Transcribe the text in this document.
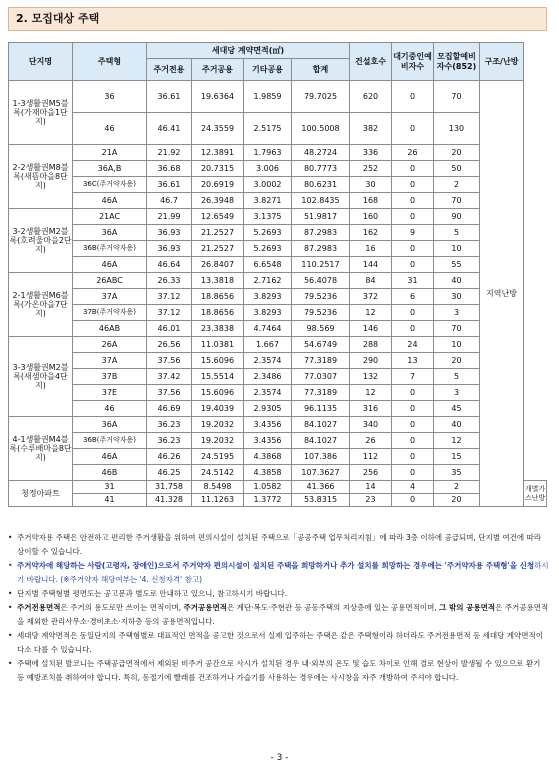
2. 모집대상 주택
단지명	주택형	세대당 계약면적(㎡)				건설호수	대기중인예비자수	모집할예비자수(852)	구조/난방	
		주거전용	주거공용	기타공용	합계					
1-3생활권M5블록(가재마을1단지)	36	36.61	19.6364	1.9859	79.7025	620	0	70	지역난방	
	46	46.41	24.3559	2.5175	100.5008	382	0	130		
2-2생활권M8블록(새뜸마을8단지)	21A	21.92	12.3891	1.7963	48.2724	336	26	20		
	36A,B	36.68	20.7315	3.006	80.7773	252	0	50		
	36C(주거약자용)	36.61	20.6919	3.0002	80.6231	30	0	2		
	46A	46.7	26.3948	3.8271	102.8435	168	0	70		
3-2생활권M2블록(호려울마을2단지)	21AC	21.99	12.6549	3.1375	51.9817	160	0	90		
	36A	36.93	21.2527	5.2693	87.2983	162	9	5		
	36B(주거약자용)	36.93	21.2527	5.2693	87.2983	16	0	10		
	46A	46.64	26.8407	6.6548	110.2517	144	0	55		
2-1생활권M6블록(가온마을7단지)	26ABC	26.33	13.3818	2.7162	56.4078	84	31	40		
	37A	37.12	18.8656	3.8293	79.5236	372	6	30		
	37B(주거약자용)	37.12	18.8656	3.8293	79.5236	12	0	3		
	46AB	46.01	23.3838	4.7464	98.569	146	0	70		
3-3생활권M2블록(새샘마을4단지)	26A	26.56	11.0381	1.667	54.6749	288	24	10		
	37A	37.56	15.6096	2.3574	77.3189	290	13	20		
	37B	37.42	15.5514	2.3486	77.0307	132	7	5		
	37E	37.56	15.6096	2.3574	77.3189	12	0	3		
	46	46.69	19.4039	2.9305	96.1135	316	0	45		
4-1생활권M4블록(수루배마을8단지)	36A	36.23	19.2032	3.4356	84.1027	340	0	40		
	36B(주거약자용)	36.23	19.2032	3.4356	84.1027	26	0	12		
	46A	46.26	24.5195	4.3868	107.386	112	0	15		
	46B	46.25	24.5142	4.3858	107.3627	256	0	35		
청정아파트	31	31.758	8.5498	1.0582	41.366	14	4	2		개별가스난방
	41	41.328	11.1263	1.3772	53.8315	23	0	20		
• 주거약자용 주택은 안전하고 편리한 주거생활을 위하여 편의시설이 설치된 주택으로「공공주택 업무처리지침」에 따라 3층 이하에 공급되며, 단지별 여건에 따라 상이할 수 있습니다.
• 주거약자에 해당하는 사람(고령자, 장애인)으로서 주거약자 편의시설이 설치된 주택을 희망하거나 추가 설치를 희망하는 경우에는 '주거약자용 주택형'을 신청하시기 바랍니다. (※주거약자 해당여부는 '4. 신청자격' 참고)
• 단지별 주택형별 평면도는 공고문과 별도로 안내하고 있으니, 참고하시기 바랍니다.
• 주거전용면적은 주거의 용도로만 쓰이는 면적이며, 주거공용면적은 계단·복도·주현관 등 공동주택의 지상층에 있는 공용면적이며, 그 밖의 공용면적은 주거공용면적을 제외한 관리사무소·경비초소·지하층 등의 공용면적입니다.
• 세대당 계약면적은 동일단지의 주택형별로 대표적인 면적을 공고한 것으로서 실제 입주하는 주택은 같은 주택형이라 하더라도 주거전용면적 등 세대당 계약면적이 다소 다를 수 있습니다.
• 주택에 설치된 발코니는 주택공급면적에서 제외된 비주거 공간으로 사시가 설치된 경우 내·외부의 온도 및 습도 차이로 인해 결로 현상이 발생될 수 있으므로 환기 등 예방조치를 취하여야 합니다. 특히, 동절기에 빨래를 건조하거나 가습기를 사용하는 경우에는 사시창을 자주 개방하여 주셔야 합니다.
- 3 -
